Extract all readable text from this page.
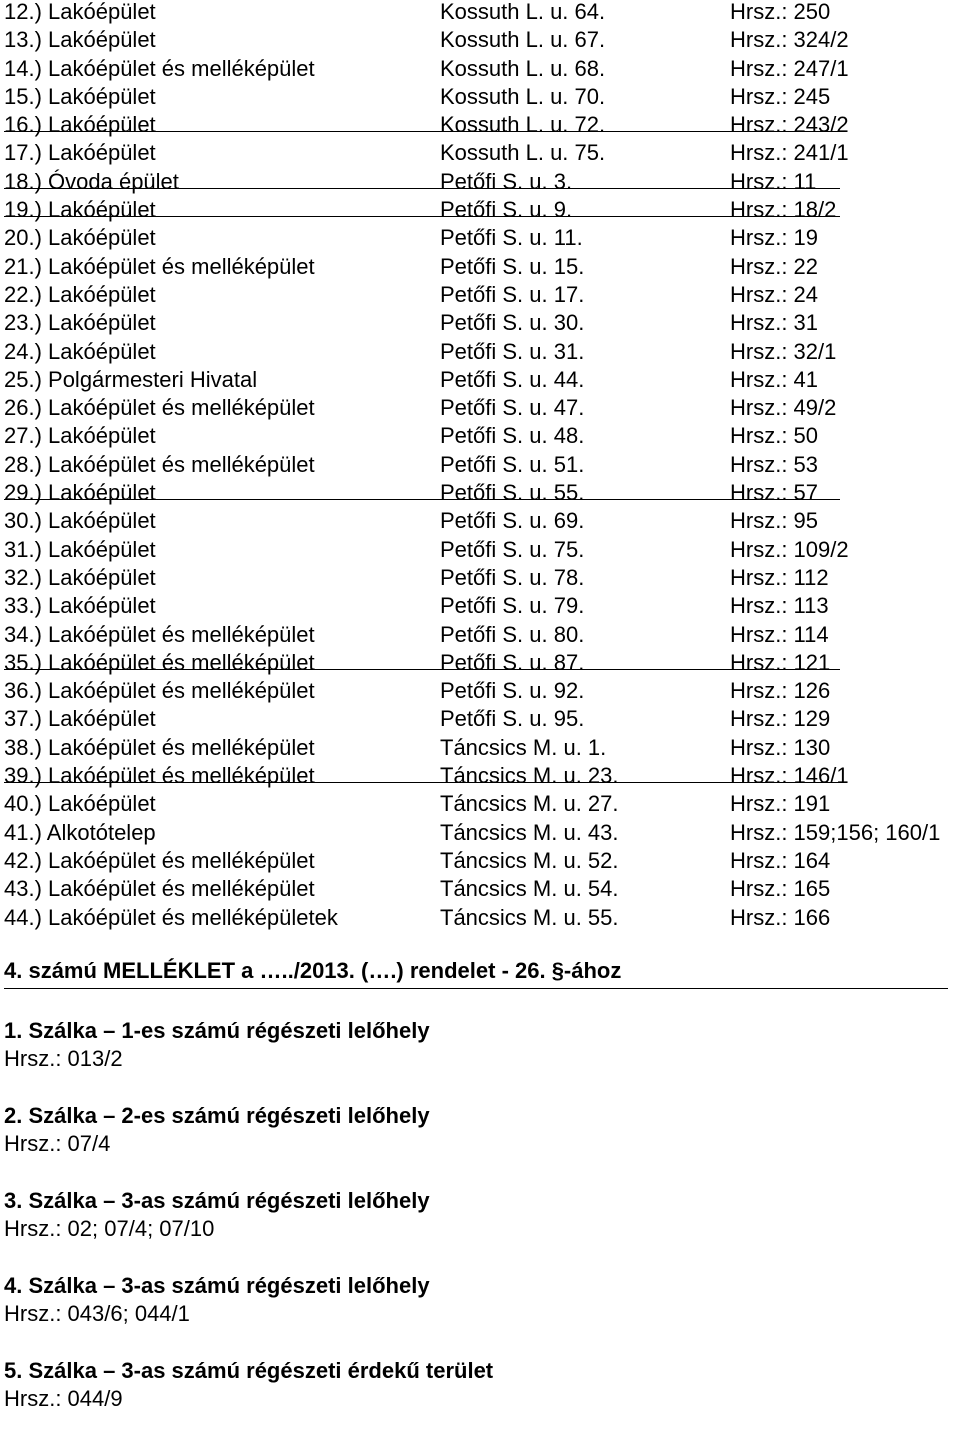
12.) Lakóépület	Kossuth L. u. 64.	Hrsz.: 250
13.) Lakóépület	Kossuth L. u. 67.	Hrsz.: 324/2
14.) Lakóépület és melléképület	Kossuth L. u. 68.	Hrsz.: 247/1
15.) Lakóépület	Kossuth L. u. 70.	Hrsz.: 245
16.) Lakóépület	Kossuth L. u. 72.	Hrsz.: 243/2
17.) Lakóépület	Kossuth L. u. 75.	Hrsz.: 241/1
18.) Óvoda épület	Petőfi S. u. 3.	Hrsz.: 11
19.) Lakóépület	Petőfi S. u. 9.	Hrsz.: 18/2
20.) Lakóépület	Petőfi S. u. 11.	Hrsz.: 19
21.) Lakóépület és melléképület	Petőfi S. u. 15.	Hrsz.: 22
22.) Lakóépület	Petőfi S. u. 17.	Hrsz.: 24
23.) Lakóépület	Petőfi S. u. 30.	Hrsz.: 31
24.) Lakóépület	Petőfi S. u. 31.	Hrsz.: 32/1
25.) Polgármesteri Hivatal	Petőfi S. u. 44.	Hrsz.: 41
26.) Lakóépület és melléképület	Petőfi S. u. 47.	Hrsz.: 49/2
27.) Lakóépület	Petőfi S. u. 48.	Hrsz.: 50
28.) Lakóépület és melléképület	Petőfi S. u. 51.	Hrsz.: 53
29.) Lakóépület	Petőfi S. u. 55.	Hrsz.: 57
30.) Lakóépület	Petőfi S. u. 69.	Hrsz.: 95
31.) Lakóépület	Petőfi S. u. 75.	Hrsz.: 109/2
32.) Lakóépület	Petőfi S. u. 78.	Hrsz.: 112
33.) Lakóépület	Petőfi S. u. 79.	Hrsz.: 113
34.) Lakóépület és melléképület	Petőfi S. u. 80.	Hrsz.: 114
35.) Lakóépület és melléképület	Petőfi S. u. 87.	Hrsz.: 121
36.) Lakóépület és melléképület	Petőfi S. u. 92.	Hrsz.: 126
37.) Lakóépület	Petőfi S. u. 95.	Hrsz.: 129
38.) Lakóépület és melléképület	Táncsics M. u. 1.	Hrsz.: 130
39.) Lakóépület és melléképület	Táncsics M. u. 23.	Hrsz.: 146/1
40.) Lakóépület	Táncsics M. u. 27.	Hrsz.: 191
41.) Alkotótelep	Táncsics M. u. 43.	Hrsz.: 159;156; 160/1
42.) Lakóépület és melléképület	Táncsics M. u. 52.	Hrsz.: 164
43.) Lakóépület és melléképület	Táncsics M. u. 54.	Hrsz.: 165
44.) Lakóépület és melléképületek	Táncsics M. u. 55.	Hrsz.: 166
4. számú MELLÉKLET a …../2013. (….) rendelet - 26. §-ához
1. Szálka – 1-es számú régészeti lelőhely
Hrsz.: 013/2
2. Szálka – 2-es számú régészeti lelőhely
Hrsz.: 07/4
3. Szálka – 3-as számú régészeti lelőhely
Hrsz.: 02; 07/4; 07/10
4. Szálka – 3-as számú régészeti lelőhely
Hrsz.: 043/6; 044/1
5. Szálka – 3-as számú régészeti érdekű terület
Hrsz.: 044/9
